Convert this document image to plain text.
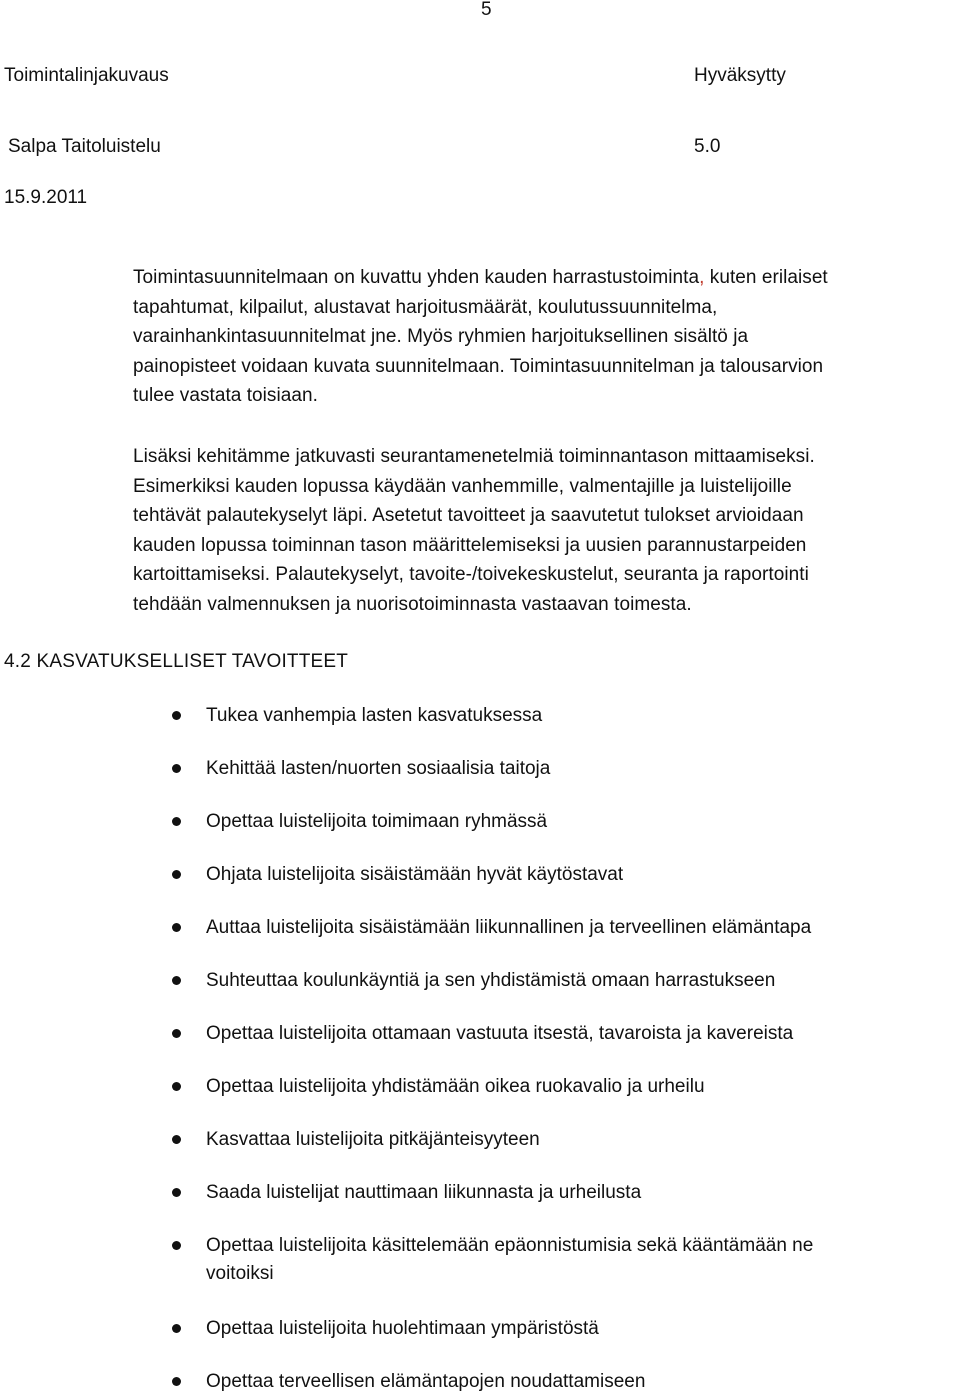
5
Toimintalinjakuvaus	Hyväksytty
Salpa Taitoluistelu	5.0
15.9.2011
Toimintasuunnitelmaan on kuvattu yhden kauden harrastustoiminta, kuten erilaiset
tapahtumat, kilpailut, alustavat harjoitusmäärät, koulutussuunnitelma,
varainhankintasuunnitelmat jne. Myös ryhmien harjoituksellinen sisältö ja
painopisteet voidaan kuvata suunnitelmaan. Toimintasuunnitelman ja talousarvion
tulee vastata toisiaan.
Lisäksi kehitämme jatkuvasti seurantamenetelmiä toiminnantason mittaamiseksi.
Esimerkiksi kauden lopussa käydään vanhemmille, valmentajille ja luistelijoille
tehtävät palautekyselyt läpi. Asetetut tavoitteet ja saavutetut tulokset arvioidaan
kauden lopussa toiminnan tason määrittelemiseksi ja uusien parannustarpeiden
kartoittamiseksi. Palautekyselyt, tavoite-/toivekeskustelut, seuranta ja raportointi
tehdään valmennuksen ja nuorisotoiminnasta vastaavan toimesta.
4.2 KASVATUKSELLISET TAVOITTEET
Tukea vanhempia lasten kasvatuksessa
Kehittää lasten/nuorten sosiaalisia taitoja
Opettaa luistelijoita toimimaan ryhmässä
Ohjata luistelijoita sisäistämään hyvät käytöstavat
Auttaa luistelijoita sisäistämään liikunnallinen ja terveellinen elämäntapa
Suhteuttaa koulunkäyntiä ja sen yhdistämistä omaan harrastukseen
Opettaa luistelijoita ottamaan vastuuta itsestä, tavaroista ja kavereista
Opettaa luistelijoita yhdistämään oikea ruokavalio ja urheilu
Kasvattaa luistelijoita pitkäjänteisyyteen
Saada luistelijat nauttimaan liikunnasta ja urheilusta
Opettaa luistelijoita käsittelemään epäonnistumisia sekä kääntämään ne
voitoiksi
Opettaa luistelijoita huolehtimaan ympäristöstä
Opettaa terveellisen elämäntapojen noudattamiseen
